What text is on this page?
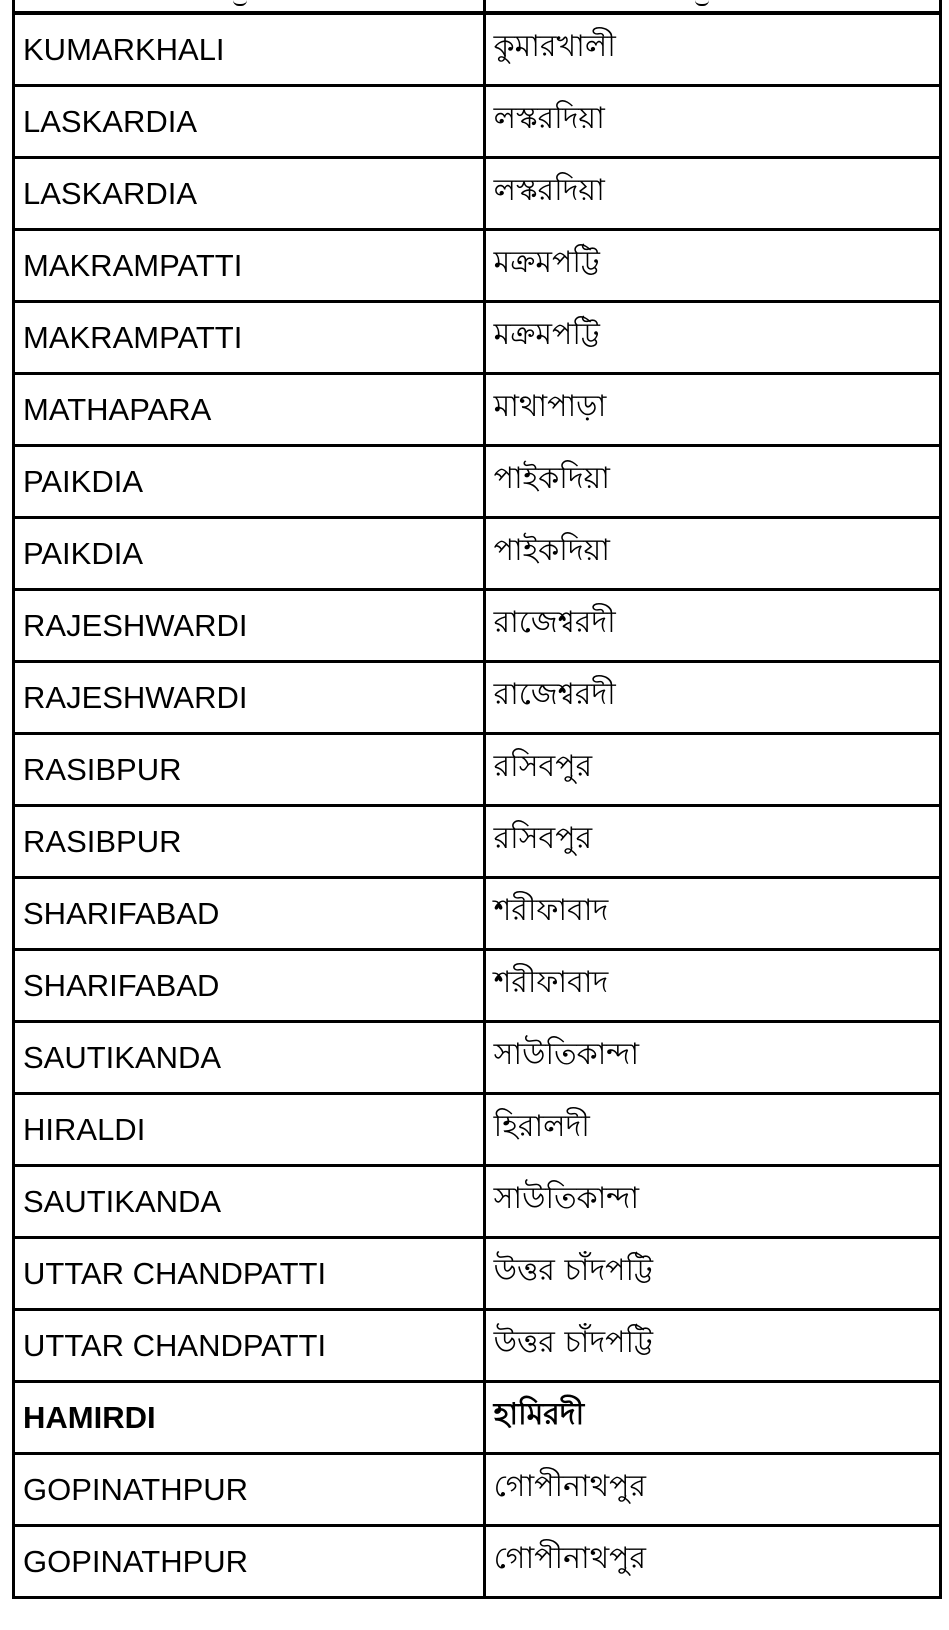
KUMARKHALI	কুমারখালী
LASKARDIA	লস্করদিয়া
LASKARDIA	লস্করদিয়া
MAKRAMPATTI	মক্রমপট্টি
MAKRAMPATTI	মক্রমপট্টি
MATHAPARA	মাথাপাড়া
PAIKDIA	পাইকদিয়া
PAIKDIA	পাইকদিয়া
RAJESHWARDI	রাজেশ্বরদী
RAJESHWARDI	রাজেশ্বরদী
RASIBPUR	রসিবপুর
RASIBPUR	রসিবপুর
SHARIFABAD	শরীফাবাদ
SHARIFABAD	শরীফাবাদ
SAUTIKANDA	সাউতিকান্দা
HIRALDI	হিরালদী
SAUTIKANDA	সাউতিকান্দা
UTTAR CHANDPATTI	উত্তর চাঁদপট্টি
UTTAR CHANDPATTI	উত্তর চাঁদপট্টি
HAMIRDI	হামিরদী
GOPINATHPUR	গোপীনাথপুর
GOPINATHPUR	গোপীনাথপুর
